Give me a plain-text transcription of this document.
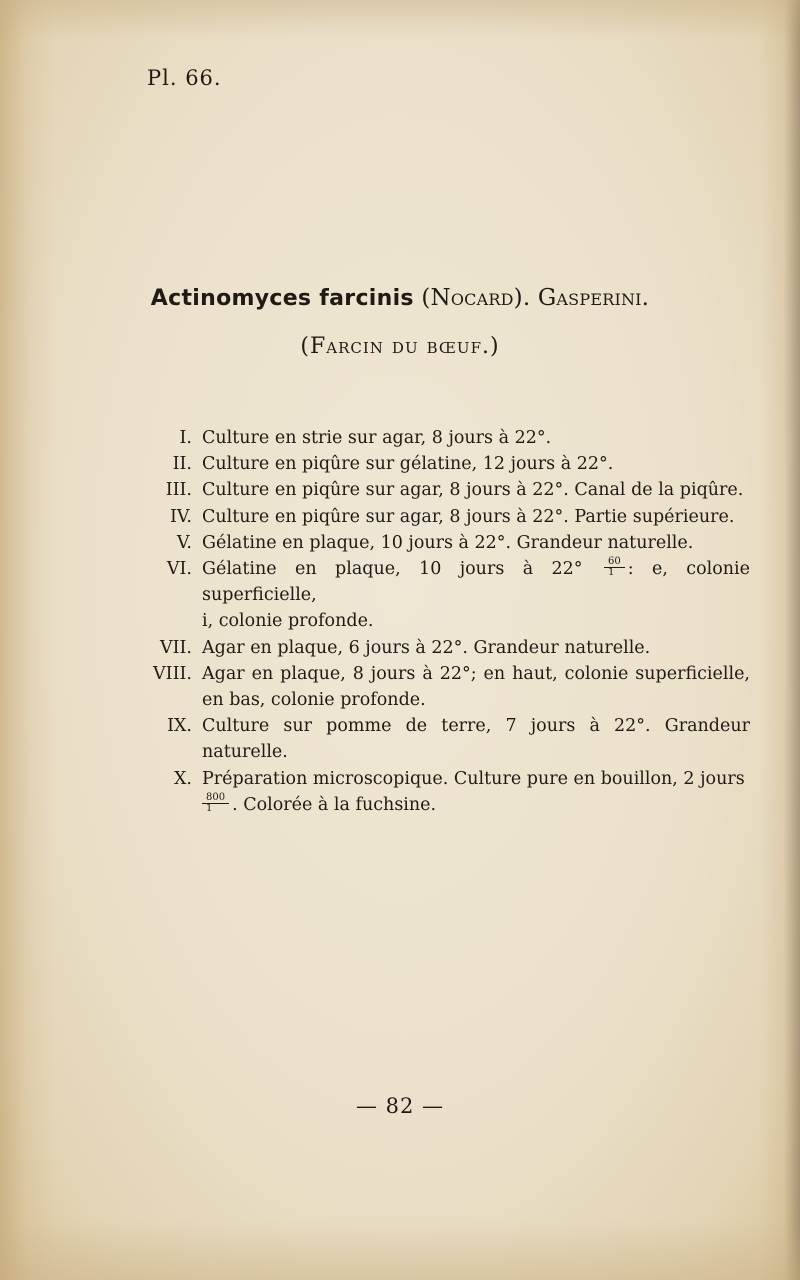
Pl. 66.
Actinomyces farcinis (Nocard). Gasperini.
(Farcin du bœuf.)
I. Culture en strie sur agar, 8 jours à 22°.
II. Culture en piqûre sur gélatine, 12 jours à 22°.
III. Culture en piqûre sur agar, 8 jours à 22°. Canal de la piqûre.
IV. Culture en piqûre sur agar, 8 jours à 22°. Partie supérieure.
V. Gélatine en plaque, 10 jours à 22°. Grandeur naturelle.
VI. Gélatine en plaque, 10 jours à $22^\circ \frac{60}{1}$ : e, colonie superficielle,
i, colonie profonde.
VII. Agar en plaque, 6 jours à 22°. Grandeur naturelle.
VIII. Agar en plaque, 8 jours à 22°; en haut, colonie superficielle, en bas, colonie profonde.
IX. Culture sur pomme de terre, 7 jours à 22°. Grandeur naturelle.
X. Préparation microscopique. Culture pure en bouillon, 2 jours

$\frac{800}{1}$ . Colorée à la fuchsine.
— 82 —
